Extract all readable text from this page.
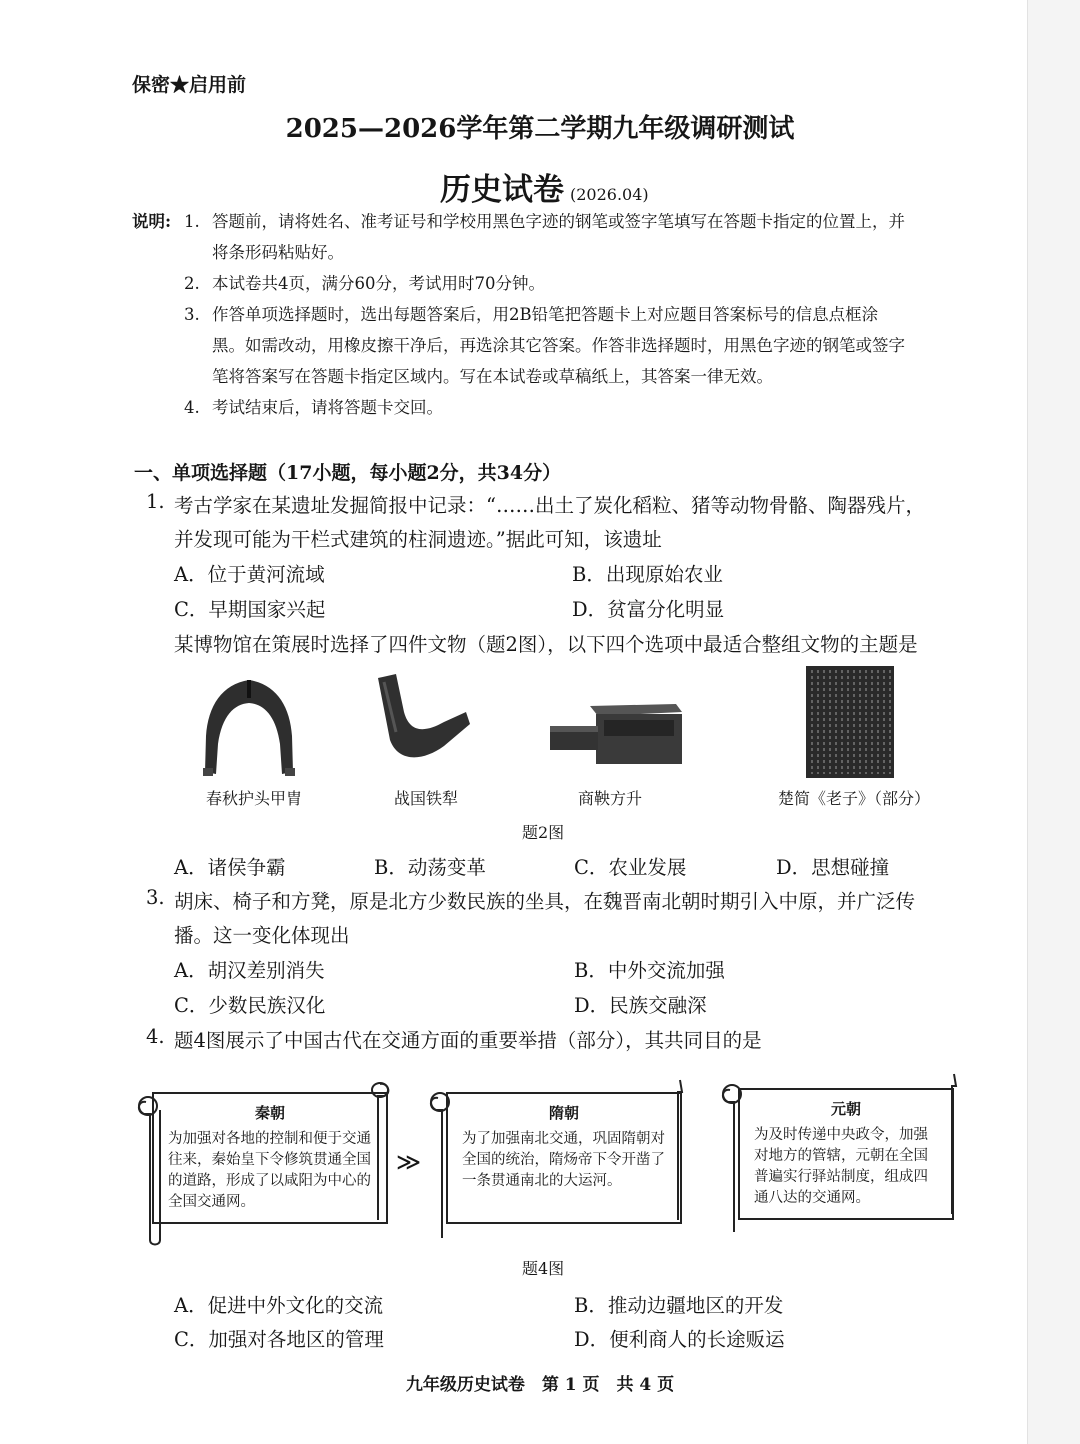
保密★启用前
2025—2026学年第二学期九年级调研测试
历史试卷 (2026.04)
说明: 1. 答题前，请将姓名、准考证号和学校用黑色字迹的钢笔或签字笔填写在答题卡指定的位置上，并
将条形码粘贴好。
2. 本试卷共4页，满分60分，考试用时70分钟。
3. 作答单项选择题时，选出每题答案后，用2B铅笔把答题卡上对应题目答案标号的信息点框涂
黑。如需改动，用橡皮擦干净后，再选涂其它答案。作答非选择题时，用黑色字迹的钢笔或签字
笔将答案写在答题卡指定区域内。写在本试卷或草稿纸上，其答案一律无效。
4. 考试结束后，请将答题卡交回。
一、单项选择题（17小题，每小题2分，共34分）
1. 考古学家在某遗址发掘简报中记录：“……出土了炭化稻粒、猪等动物骨骼、陶器残片，
并发现可能为干栏式建筑的柱洞遗迹。”据此可知，该遗址
A．位于黄河流域	B．出现原始农业
C．早期国家兴起	D．贫富分化明显
某博物馆在策展时选择了四件文物（题2图），以下四个选项中最适合整组文物的主题是
春秋护头甲胄	战国铁犁	商鞅方升	楚简《老子》（部分）
题2图
A．诸侯争霸	B．动荡变革	C．农业发展	D．思想碰撞
3. 胡床、椅子和方凳，原是北方少数民族的坐具，在魏晋南北朝时期引入中原，并广泛传
播。这一变化体现出
A．胡汉差别消失	B．中外交流加强
C．少数民族汉化	D．民族交融深
4. 题4图展示了中国古代在交通方面的重要举措（部分），其共同目的是
秦朝
为加强对各地的控制和便于交通往来，秦始皇下令修筑贯通全国的道路，形成了以咸阳为中心的全国交通网。
≫
隋朝
为了加强南北交通，巩固隋朝对全国的统治，隋炀帝下令开凿了一条贯通南北的大运河。
元朝
为及时传递中央政令，加强对地方的管辖，元朝在全国普遍实行驿站制度，组成四通八达的交通网。
题4图
A．促进中外文化的交流	B．推动边疆地区的开发
C．加强对各地区的管理	D．便利商人的长途贩运
九年级历史试卷　第 1 页　共 4 页
